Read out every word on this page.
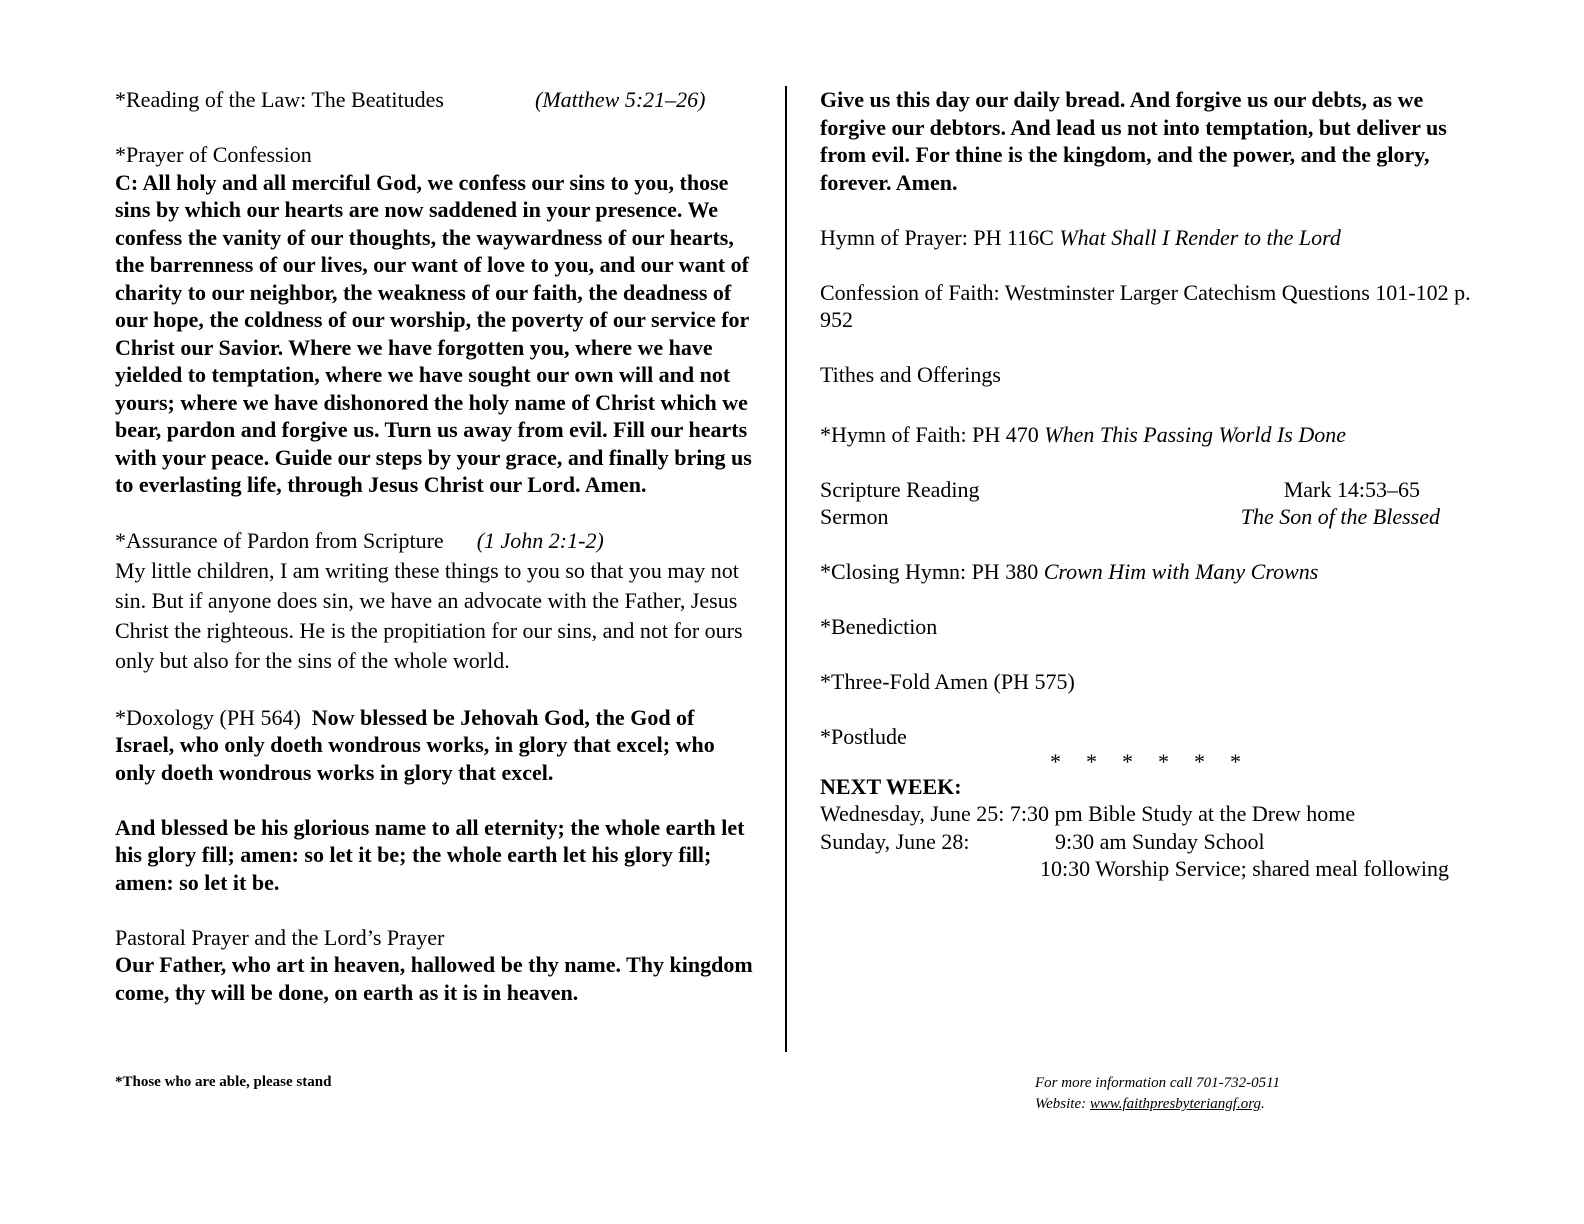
*Reading of the Law: The Beatitudes	(Matthew 5:21–26)

*Prayer of Confession
C: All holy and all merciful God, we confess our sins to you, those sins by which our hearts are now saddened in your presence. We confess the vanity of our thoughts, the waywardness of our hearts, the barrenness of our lives, our want of love to you, and our want of charity to our neighbor, the weakness of our faith, the deadness of our hope, the coldness of our worship, the poverty of our service for Christ our Savior. Where we have forgotten you, where we have yielded to temptation, where we have sought our own will and not yours; where we have dishonored the holy name of Christ which we bear, pardon and forgive us. Turn us away from evil. Fill our hearts with your peace. Guide our steps by your grace, and finally bring us to everlasting life, through Jesus Christ our Lord. Amen.

*Assurance of Pardon from Scripture (1 John 2:1-2)
My little children, I am writing these things to you so that you may not sin. But if anyone does sin, we have an advocate with the Father, Jesus Christ the righteous. He is the propitiation for our sins, and not for ours only but also for the sins of the whole world.

*Doxology (PH 564) Now blessed be Jehovah God, the God of Israel, who only doeth wondrous works, in glory that excel; who only doeth wondrous works in glory that excel.

And blessed be his glorious name to all eternity; the whole earth let his glory fill; amen: so let it be; the whole earth let his glory fill; amen: so let it be.

Pastoral Prayer and the Lord’s Prayer
Our Father, who art in heaven, hallowed be thy name. Thy kingdom come, thy will be done, on earth as it is in heaven.

Give us this day our daily bread. And forgive us our debts, as we forgive our debtors. And lead us not into temptation, but deliver us from evil. For thine is the kingdom, and the power, and the glory, forever. Amen.

Hymn of Prayer: PH 116C What Shall I Render to the Lord

Confession of Faith: Westminster Larger Catechism Questions 101-102 p. 952

Tithes and Offerings

*Hymn of Faith: PH 470 When This Passing World Is Done

Scripture Reading	Mark 14:53–65
Sermon	The Son of the Blessed

*Closing Hymn: PH 380 Crown Him with Many Crowns

*Benediction

*Three-Fold Amen (PH 575)

*Postlude
* * * * * *
NEXT WEEK:
Wednesday, June 25: 7:30 pm Bible Study at the Drew home
Sunday, June 28:	9:30 am Sunday School
10:30 Worship Service; shared meal following
*Those who are able, please stand	For more information call 701-732-0511
Website: www.faithpresbyteriangf.org.
